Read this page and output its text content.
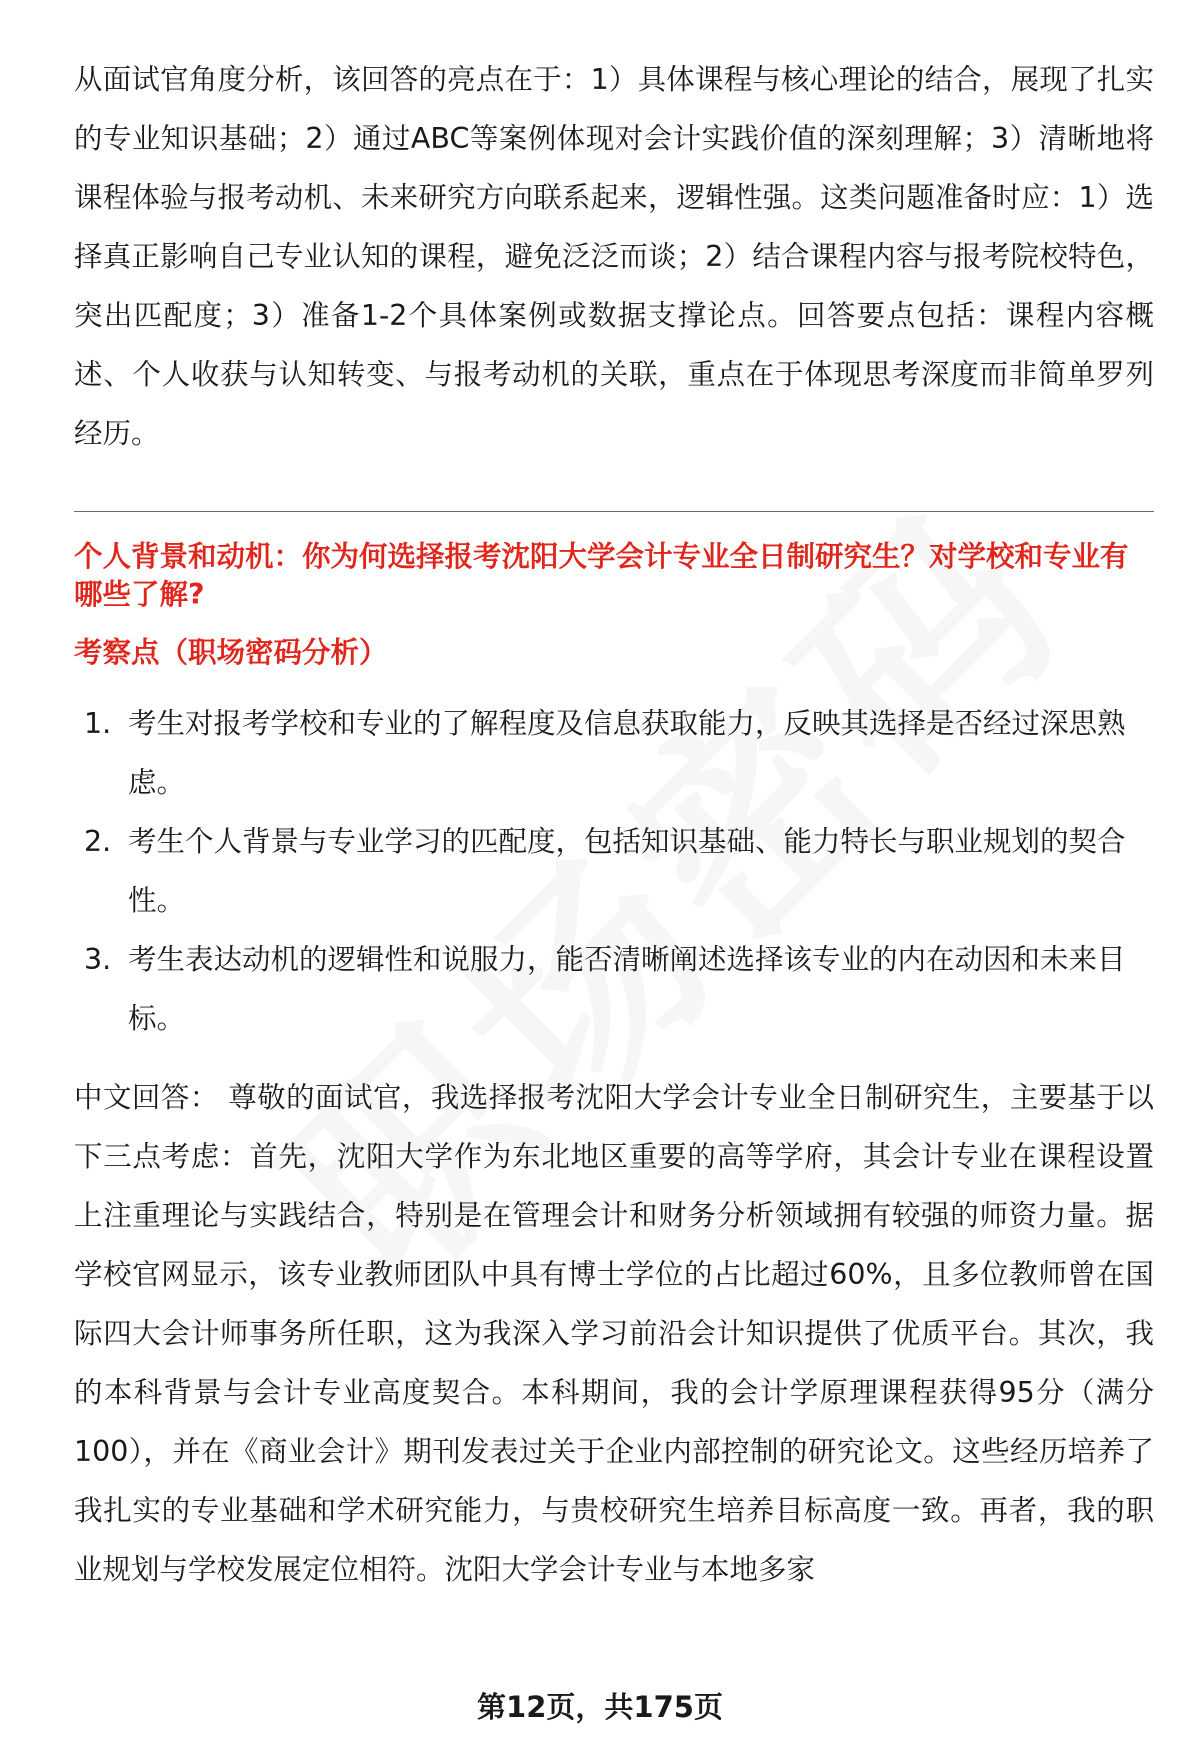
从面试官角度分析，该回答的亮点在于：1）具体课程与核心理论的结合，展现了扎实的专业知识基础；2）通过ABC等案例体现对会计实践价值的深刻理解；3）清晰地将课程体验与报考动机、未来研究方向联系起来，逻辑性强。这类问题准备时应：1）选择真正影响自己专业认知的课程，避免泛泛而谈；2）结合课程内容与报考院校特色，突出匹配度；3）准备1-2个具体案例或数据支撑论点。回答要点包括：课程内容概述、个人收获与认知转变、与报考动机的关联，重点在于体现思考深度而非简单罗列经历。

个人背景和动机：你为何选择报考沈阳大学会计专业全日制研究生？对学校和专业有哪些了解?

考察点（职场密码分析）

1. 考生对报考学校和专业的了解程度及信息获取能力，反映其选择是否经过深思熟虑。
2. 考生个人背景与专业学习的匹配度，包括知识基础、能力特长与职业规划的契合性。
3. 考生表达动机的逻辑性和说服力，能否清晰阐述选择该专业的内在动因和未来目标。

中文回答： 尊敬的面试官，我选择报考沈阳大学会计专业全日制研究生，主要基于以下三点考虑：首先，沈阳大学作为东北地区重要的高等学府，其会计专业在课程设置上注重理论与实践结合，特别是在管理会计和财务分析领域拥有较强的师资力量。据学校官网显示，该专业教师团队中具有博士学位的占比超过60%，且多位教师曾在国际四大会计师事务所任职，这为我深入学习前沿会计知识提供了优质平台。其次，我的本科背景与会计专业高度契合。本科期间，我的会计学原理课程获得95分（满分100），并在《商业会计》期刊发表过关于企业内部控制的研究论文。这些经历培养了我扎实的专业基础和学术研究能力，与贵校研究生培养目标高度一致。再者，我的职业规划与学校发展定位相符。沈阳大学会计专业与本地多家

第12页，共175页
